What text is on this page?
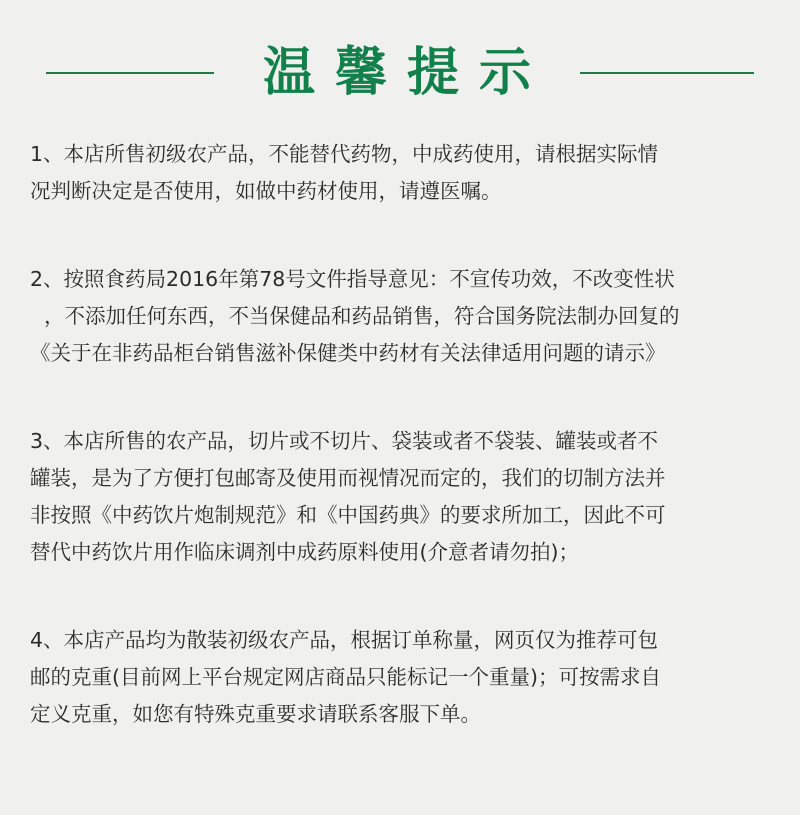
温馨提示
1、本店所售初级农产品，不能替代药物，中成药使用，请根据实际情
况判断决定是否使用，如做中药材使用，请遵医嘱。
2、按照食药局2016年第78号文件指导意见：不宣传功效，不改变性状
，不添加任何东西，不当保健品和药品销售，符合国务院法制办回复的
《关于在非药品柜台销售滋补保健类中药材有关法律适用问题的请示》
3、本店所售的农产品，切片或不切片、袋装或者不袋装、罐装或者不
罐装，是为了方便打包邮寄及使用而视情况而定的，我们的切制方法并
非按照《中药饮片炮制规范》和《中国药典》的要求所加工，因此不可
替代中药饮片用作临床调剂中成药原料使用(介意者请勿拍)；
4、本店产品均为散装初级农产品，根据订单称量，网页仅为推荐可包
邮的克重(目前网上平台规定网店商品只能标记一个重量)；可按需求自
定义克重，如您有特殊克重要求请联系客服下单。
